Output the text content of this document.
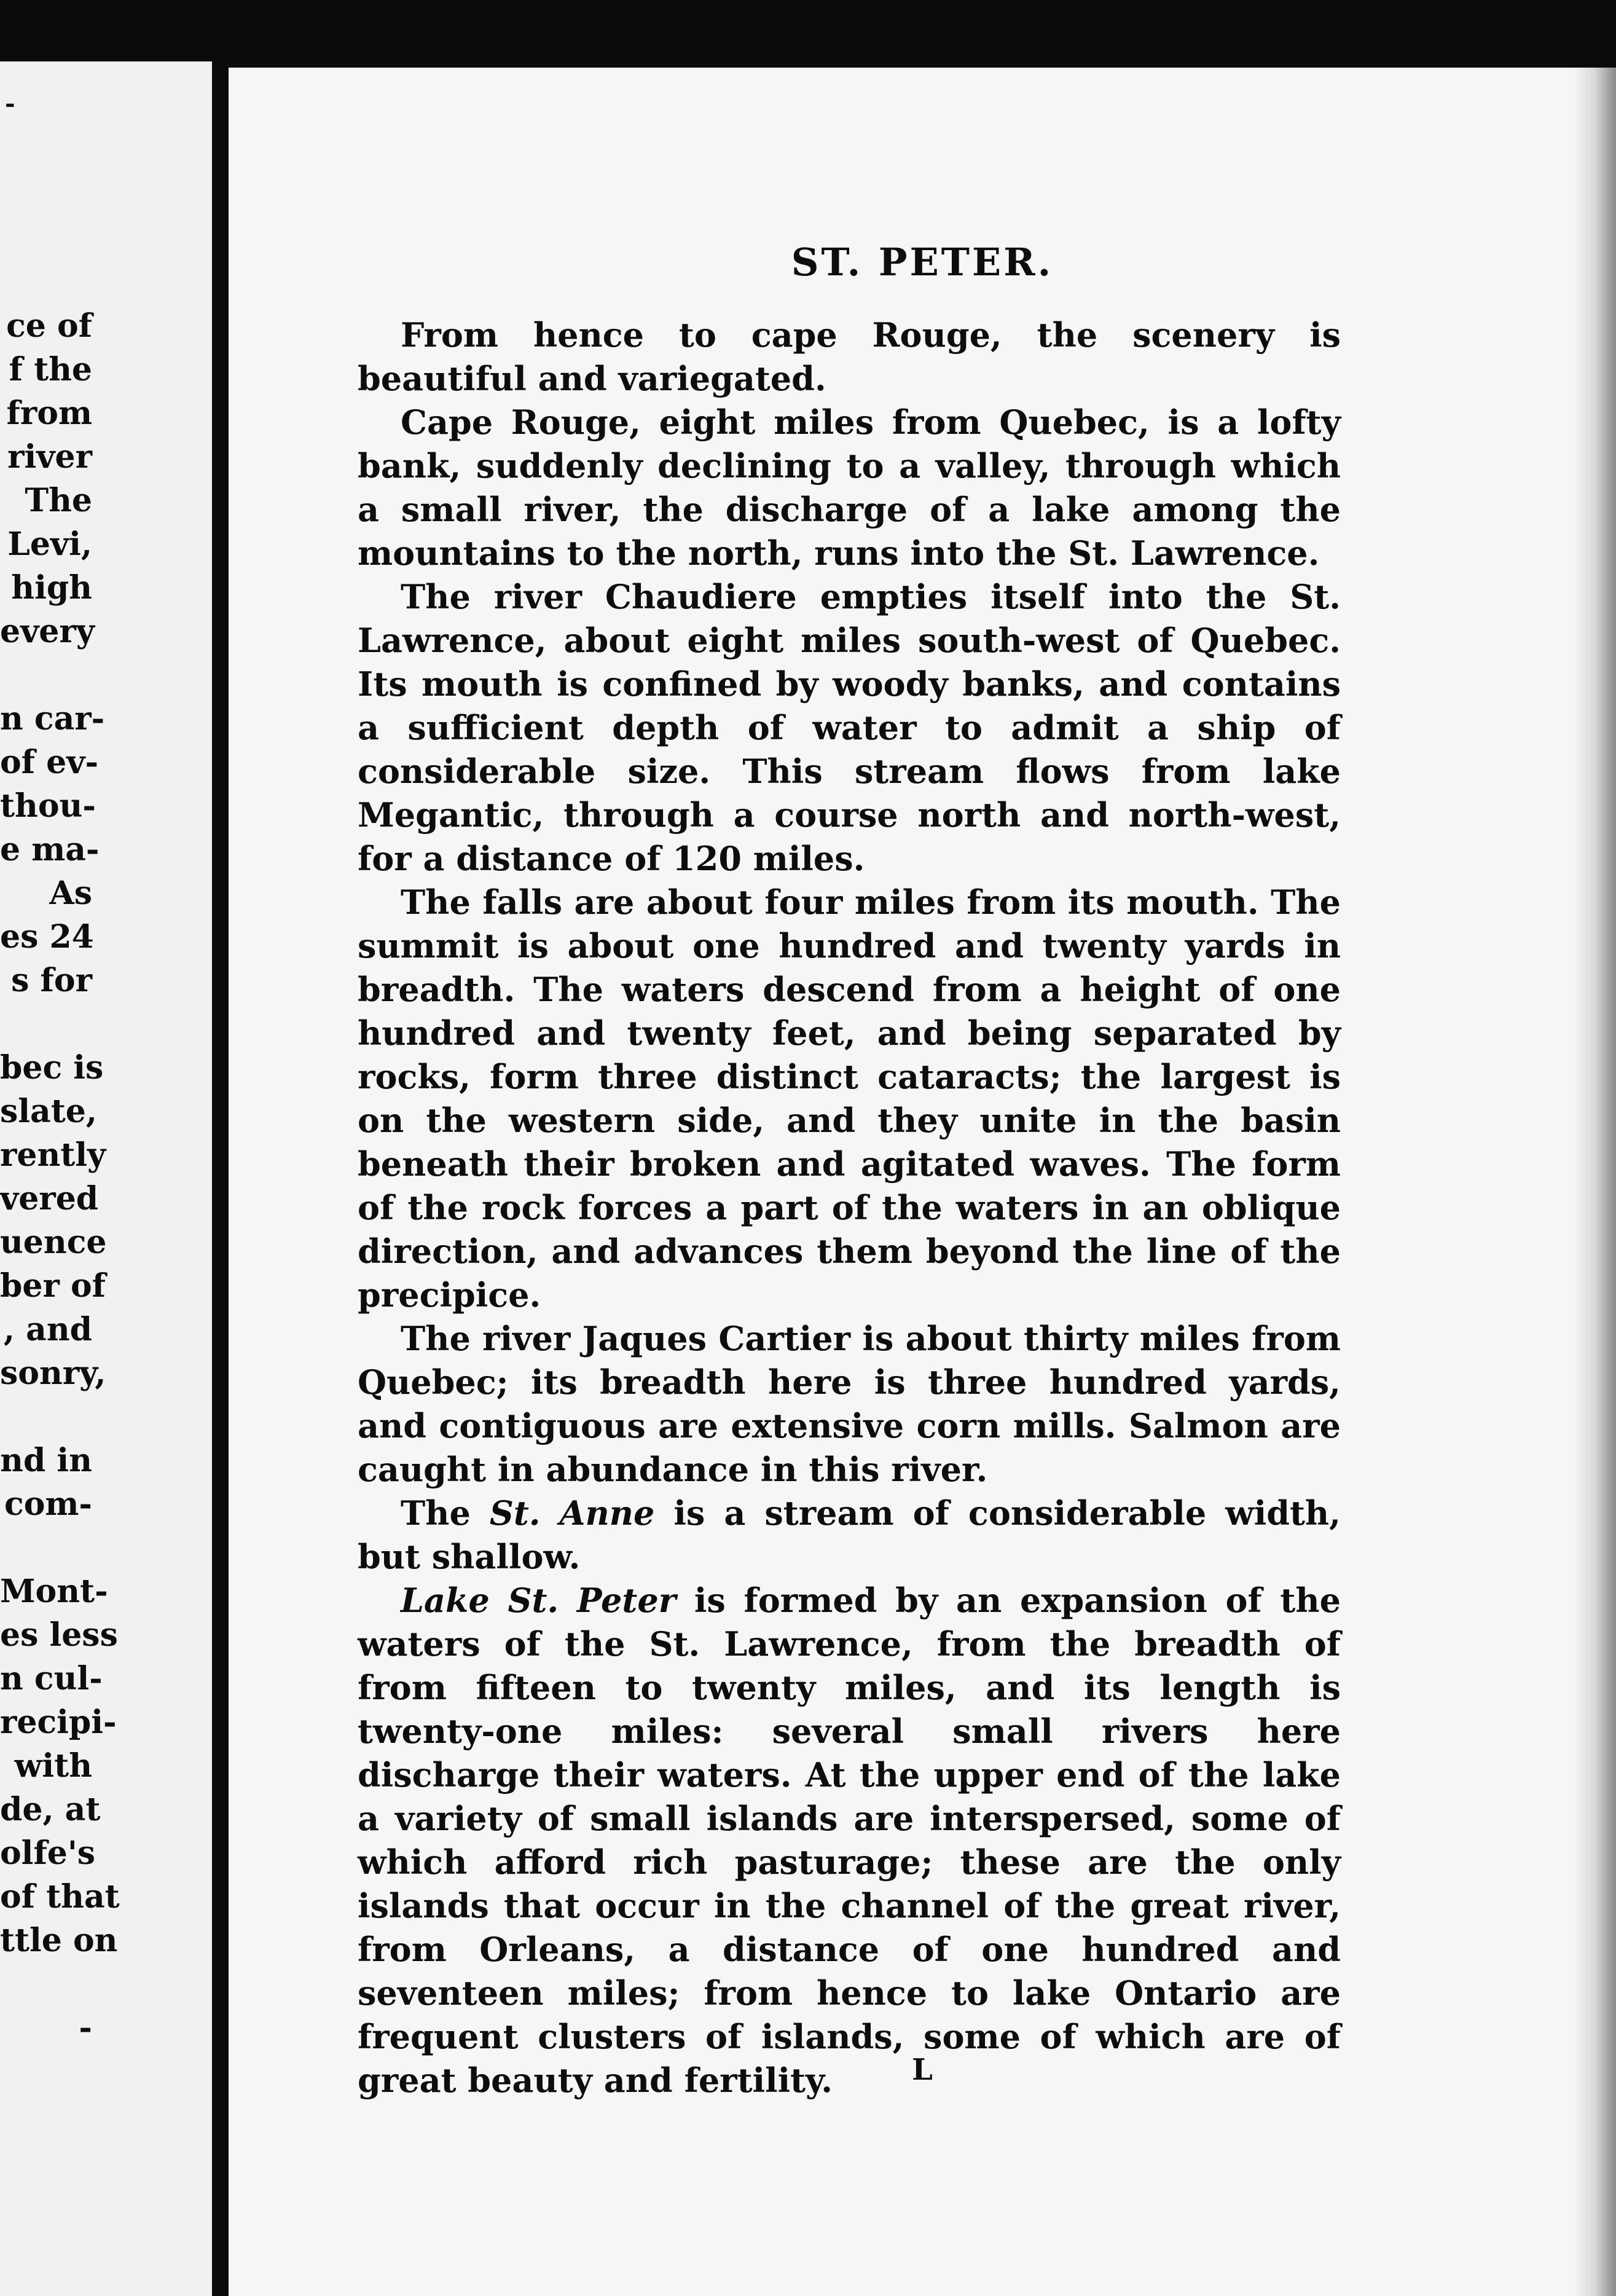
ce of
f the
from
river
The
Levi,
high
every
n car-
of ev-
thou-
e ma-
As
es 24
s for
bec is
slate,
rently
vered
uence
ber of
, and
sonry,
nd in
com-
Mont-
es less
n cul-
recipi-
with
de, at
olfe's
of that
ttle on
-
-
ST. PETER.

From hence to cape Rouge, the scenery is beautiful and variegated.

Cape Rouge, eight miles from Quebec, is a lofty bank, suddenly declining to a valley, through which a small river, the discharge of a lake among the mountains to the north, runs into the St. Lawrence.

The river Chaudiere empties itself into the St. Lawrence, about eight miles south-west of Quebec. Its mouth is confined by woody banks, and contains a sufficient depth of water to admit a ship of considerable size. This stream flows from lake Megantic, through a course north and north-west, for a distance of 120 miles.

The falls are about four miles from its mouth. The summit is about one hundred and twenty yards in breadth. The waters descend from a height of one hundred and twenty feet, and being separated by rocks, form three distinct cataracts; the largest is on the western side, and they unite in the basin beneath their broken and agitated waves. The form of the rock forces a part of the waters in an oblique direction, and advances them beyond the line of the precipice.

The river Jaques Cartier is about thirty miles from Quebec; its breadth here is three hundred yards, and contiguous are extensive corn mills. Salmon are caught in abundance in this river.

The St. Anne is a stream of considerable width, but shallow.

Lake St. Peter is formed by an expansion of the waters of the St. Lawrence, from the breadth of from fifteen to twenty miles, and its length is twenty-one miles: several small rivers here discharge their waters. At the upper end of the lake a variety of small islands are interspersed, some of which afford rich pasturage; these are the only islands that occur in the channel of the great river, from Orleans, a distance of one hundred and seventeen miles; from hence to lake Ontario are frequent clusters of islands, some of which are of great beauty and fertility.	L
